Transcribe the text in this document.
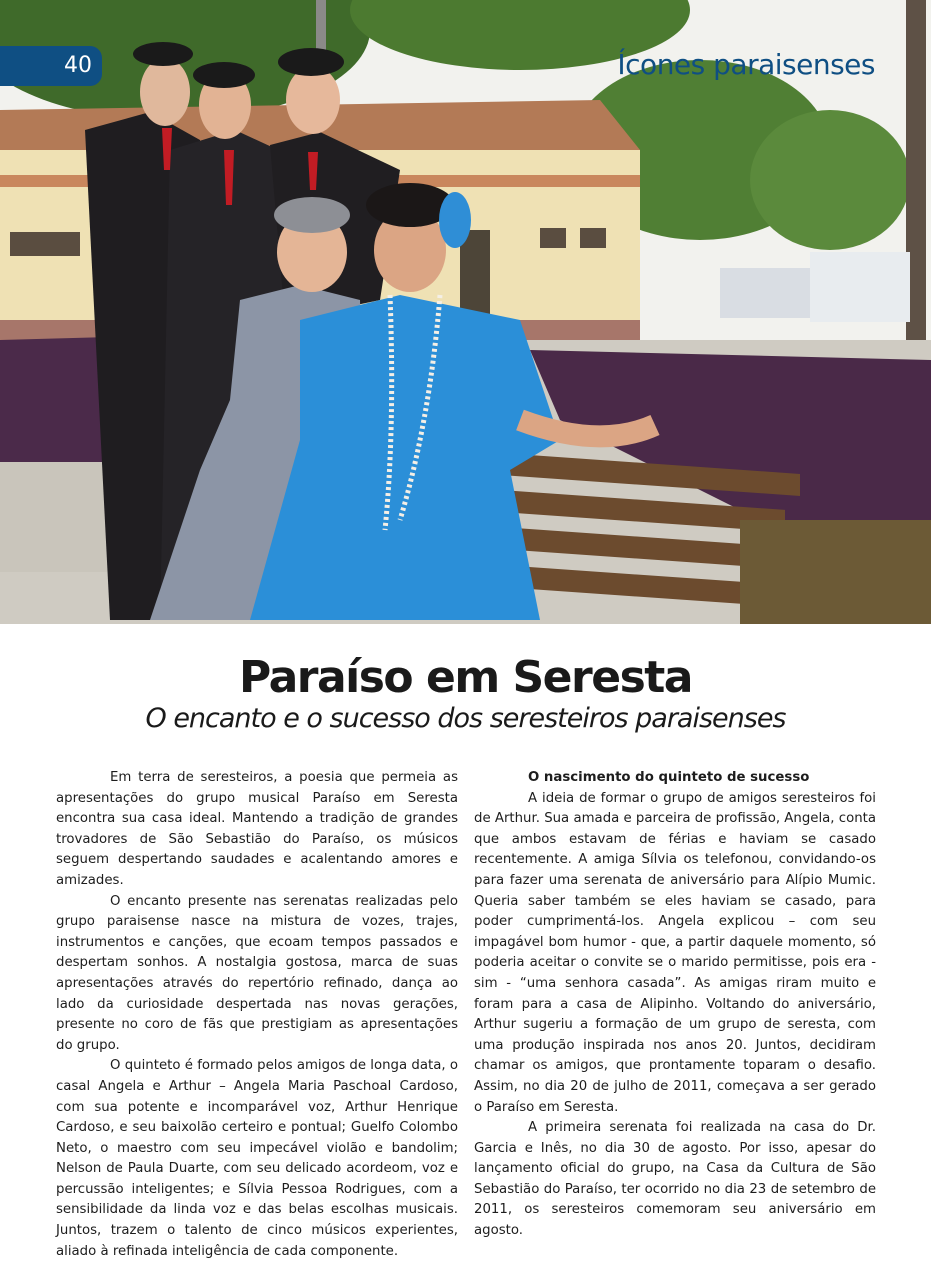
40	Ícones paraisenses
Paraíso em Seresta
O encanto e o sucesso dos seresteiros paraisenses

Em terra de seresteiros, a poesia que permeia as apresentações do grupo musical Paraíso em Seresta encontra sua casa ideal. Mantendo a tradição de grandes trovadores de São Sebastião do Paraíso, os músicos seguem despertando saudades e acalentando amores e amizades.

O encanto presente nas serenatas realizadas pelo grupo paraisense nasce na mistura de vozes, trajes, instrumentos e canções, que ecoam tempos passados e despertam sonhos. A nostalgia gostosa, marca de suas apresentações através do repertório refinado, dança ao lado da curiosidade despertada nas novas gerações, presente no coro de fãs que prestigiam as apresentações do grupo.

O quinteto é formado pelos amigos de longa data, o casal Angela e Arthur – Angela Maria Paschoal Cardoso, com sua potente e incomparável voz, Arthur Henrique Cardoso, e seu baixolão certeiro e pontual; Guelfo Colombo Neto, o maestro com seu impecável violão e bandolim; Nelson de Paula Duarte, com seu delicado acordeom, voz e percussão inteligentes; e Sílvia Pessoa Rodrigues, com a sensibilidade da linda voz e das belas escolhas musicais. Juntos, trazem o talento de cinco músicos experientes, aliado à refinada inteligência de cada componente.

O nascimento do quinteto de sucesso

A ideia de formar o grupo de amigos seresteiros foi de Arthur. Sua amada e parceira de profissão, Angela, conta que ambos estavam de férias e haviam se casado recentemente. A amiga Sílvia os telefonou, convidando-os para fazer uma serenata de aniversário para Alípio Mumic. Queria saber também se eles haviam se casado, para poder cumprimentá-los. Angela explicou – com seu impagável bom humor - que, a partir daquele momento, só poderia aceitar o convite se o marido permitisse, pois era - sim - “uma senhora casada”. As amigas riram muito e foram para a casa de Alipinho. Voltando do aniversário, Arthur sugeriu a formação de um grupo de seresta, com uma produção inspirada nos anos 20. Juntos, decidiram chamar os amigos, que prontamente toparam o desafio. Assim, no dia 20 de julho de 2011, começava a ser gerado o Paraíso em Seresta.

A primeira serenata foi realizada na casa do Dr. Garcia e Inês, no dia 30 de agosto. Por isso, apesar do lançamento oficial do grupo, na Casa da Cultura de São Sebastião do Paraíso, ter ocorrido no dia 23 de setembro de 2011, os seresteiros comemoram seu aniversário em agosto.
